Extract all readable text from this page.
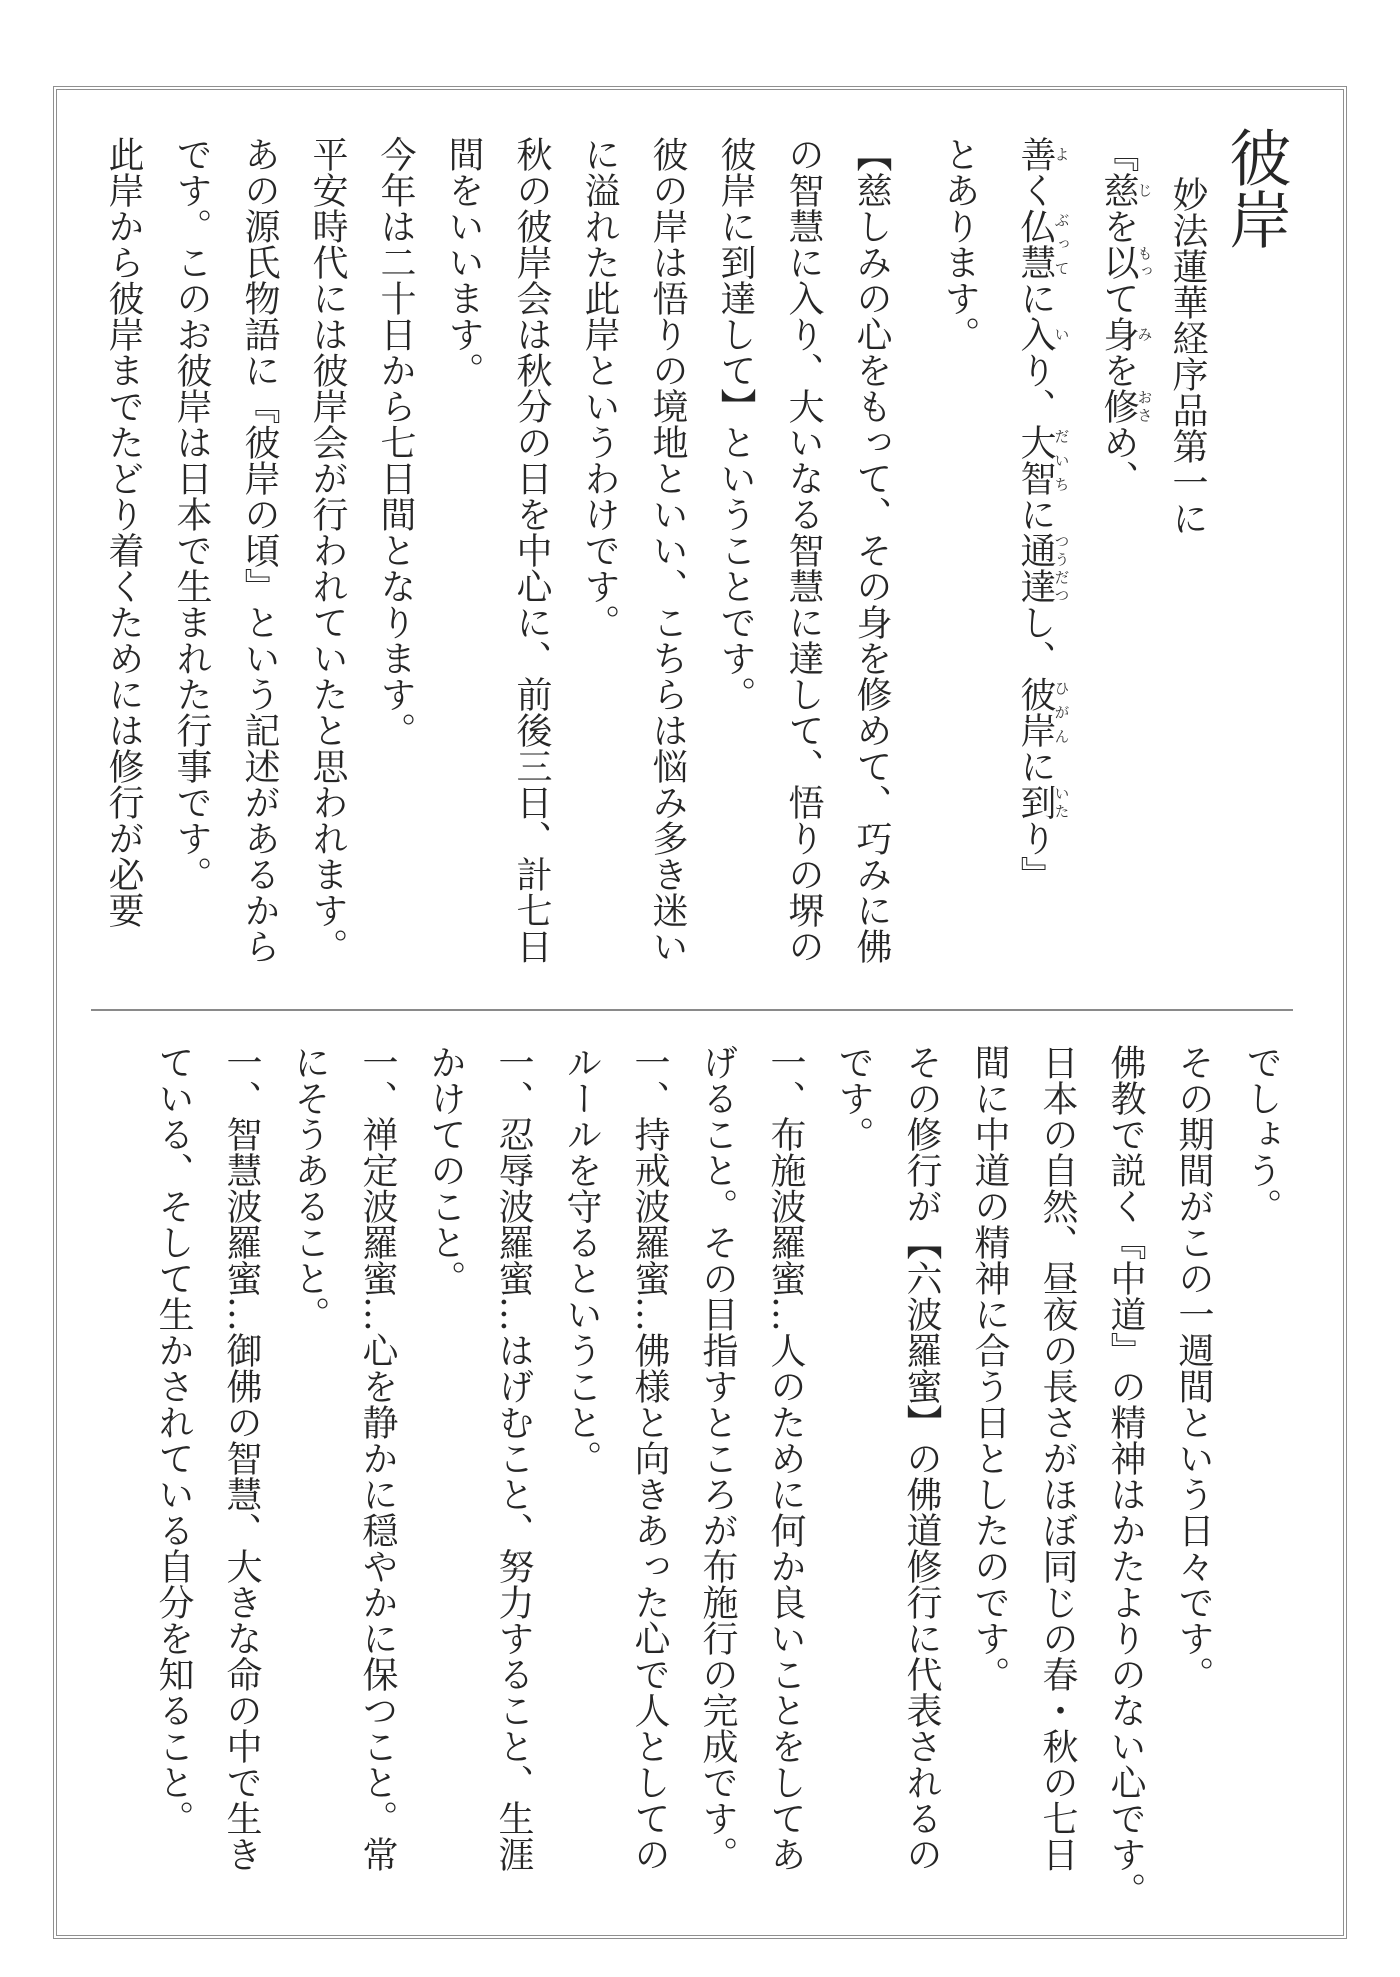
彼岸
妙法蓮華経序品第一に
『慈じを以もって身みを修おさめ、
善よく仏慧ぶってに入いり、大智だいちに通達つうだつし、彼岸ひがんに到いたり』
とあります。
【慈しみの心をもって、その身を修めて、巧みに佛
の智慧に入り、大いなる智慧に達して、悟りの堺の
彼岸に到達して】ということです。
彼の岸は悟りの境地といい、こちらは悩み多き迷い
に溢れた此岸というわけです。
秋の彼岸会は秋分の日を中心に、前後三日、計七日
間をいいます。
今年は二十日から七日間となります。
平安時代には彼岸会が行われていたと思われます。
あの源氏物語に『彼岸の頃』という記述があるから
です。このお彼岸は日本で生まれた行事です。
此岸から彼岸までたどり着くためには修行が必要
でしょう。
その期間がこの一週間という日々です。
佛教で説く『中道』の精神はかたよりのない心です。
日本の自然、昼夜の長さがほぼ同じの春・秋の七日
間に中道の精神に合う日としたのです。
その修行が【六波羅蜜】の佛道修行に代表されるの
です。
一、布施波羅蜜…人のために何か良いことをしてあ
げること。その目指すところが布施行の完成です。
一、持戒波羅蜜…佛様と向きあった心で人としての
ルールを守るということ。
一、忍辱波羅蜜…はげむこと、努力すること、生涯
かけてのこと。
一、禅定波羅蜜…心を静かに穏やかに保つこと。常
にそうあること。
一、智慧波羅蜜…御佛の智慧、大きな命の中で生き
ている、そして生かされている自分を知ること。
